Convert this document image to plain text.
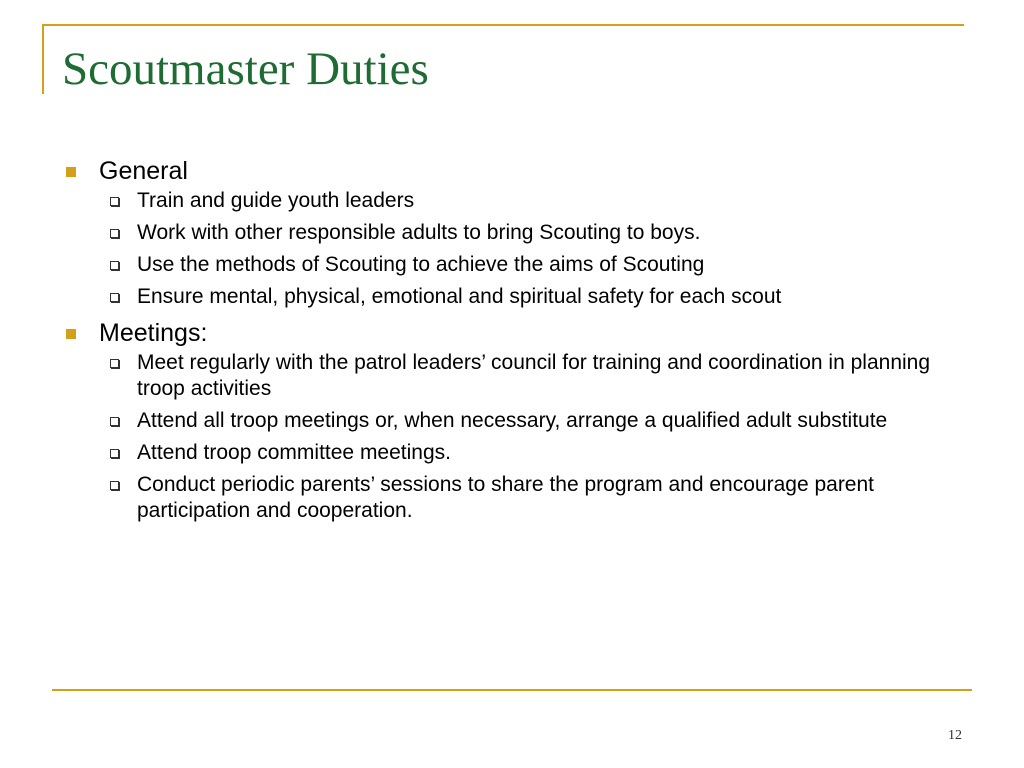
Scoutmaster Duties
General
Train and guide youth leaders
Work with other responsible adults to bring Scouting to boys.
Use the methods of Scouting to achieve the aims of Scouting
Ensure mental, physical, emotional and spiritual safety for each scout
Meetings:
Meet regularly with the patrol leaders’ council for training and coordination in planning troop activities
Attend all troop meetings or, when necessary, arrange a qualified adult substitute
Attend troop committee meetings.
Conduct periodic parents’ sessions to share the program and encourage parent participation and cooperation.
12
